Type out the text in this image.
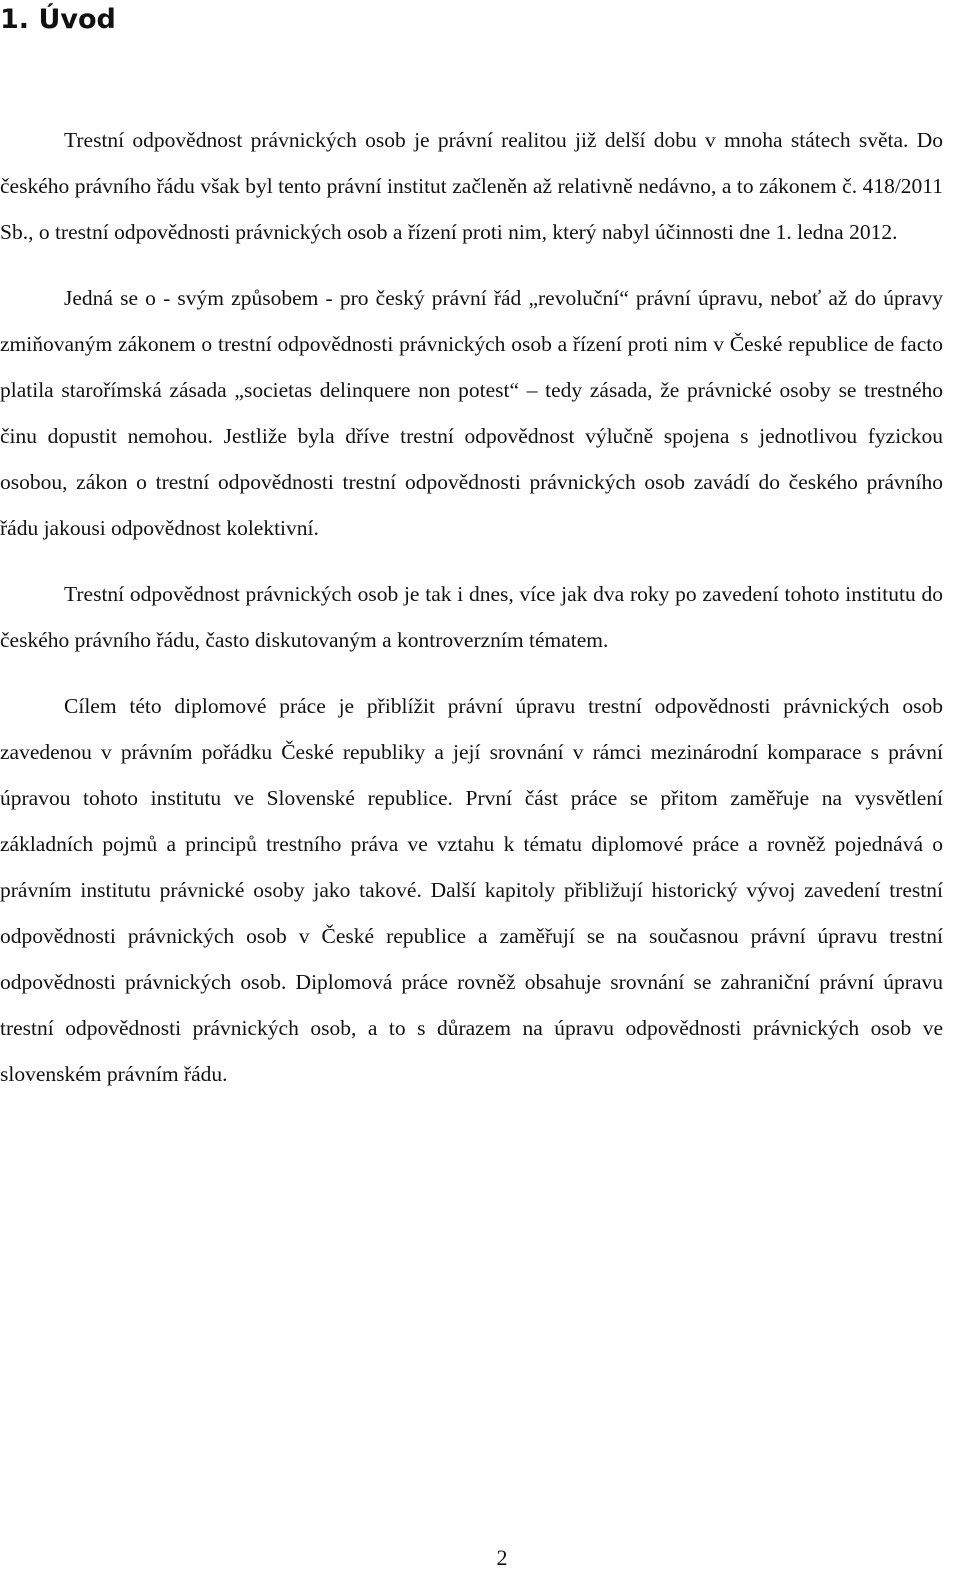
1. Úvod

Trestní odpovědnost právnických osob je právní realitou již delší dobu v mnoha státech světa. Do českého právního řádu však byl tento právní institut začleněn až relativně nedávno, a to zákonem č. 418/2011 Sb., o trestní odpovědnosti právnických osob a řízení proti nim, který nabyl účinnosti dne 1. ledna 2012.

Jedná se o - svým způsobem - pro český právní řád „revoluční“ právní úpravu, neboť až do úpravy zmiňovaným zákonem o trestní odpovědnosti právnických osob a řízení proti nim v České republice de facto platila starořímská zásada „societas delinquere non potest“ – tedy zásada, že právnické osoby se trestného činu dopustit nemohou. Jestliže byla dříve trestní odpovědnost výlučně spojena s jednotlivou fyzickou osobou, zákon o trestní odpovědnosti trestní odpovědnosti právnických osob zavádí do českého právního řádu jakousi odpovědnost kolektivní.

Trestní odpovědnost právnických osob je tak i dnes, více jak dva roky po zavedení tohoto institutu do českého právního řádu, často diskutovaným a kontroverzním tématem.

Cílem této diplomové práce je přiblížit právní úpravu trestní odpovědnosti právnických osob zavedenou v právním pořádku České republiky a její srovnání v rámci mezinárodní komparace s právní úpravou tohoto institutu ve Slovenské republice. První část práce se přitom zaměřuje na vysvětlení základních pojmů a principů trestního práva ve vztahu k tématu diplomové práce a rovněž pojednává o právním institutu právnické osoby jako takové. Další kapitoly přibližují historický vývoj zavedení trestní odpovědnosti právnických osob v České republice a zaměřují se na současnou právní úpravu trestní odpovědnosti právnických osob. Diplomová práce rovněž obsahuje srovnání se zahraniční právní úpravu trestní odpovědnosti právnických osob, a to s důrazem na úpravu odpovědnosti právnických osob ve slovenském právním řádu.

2
